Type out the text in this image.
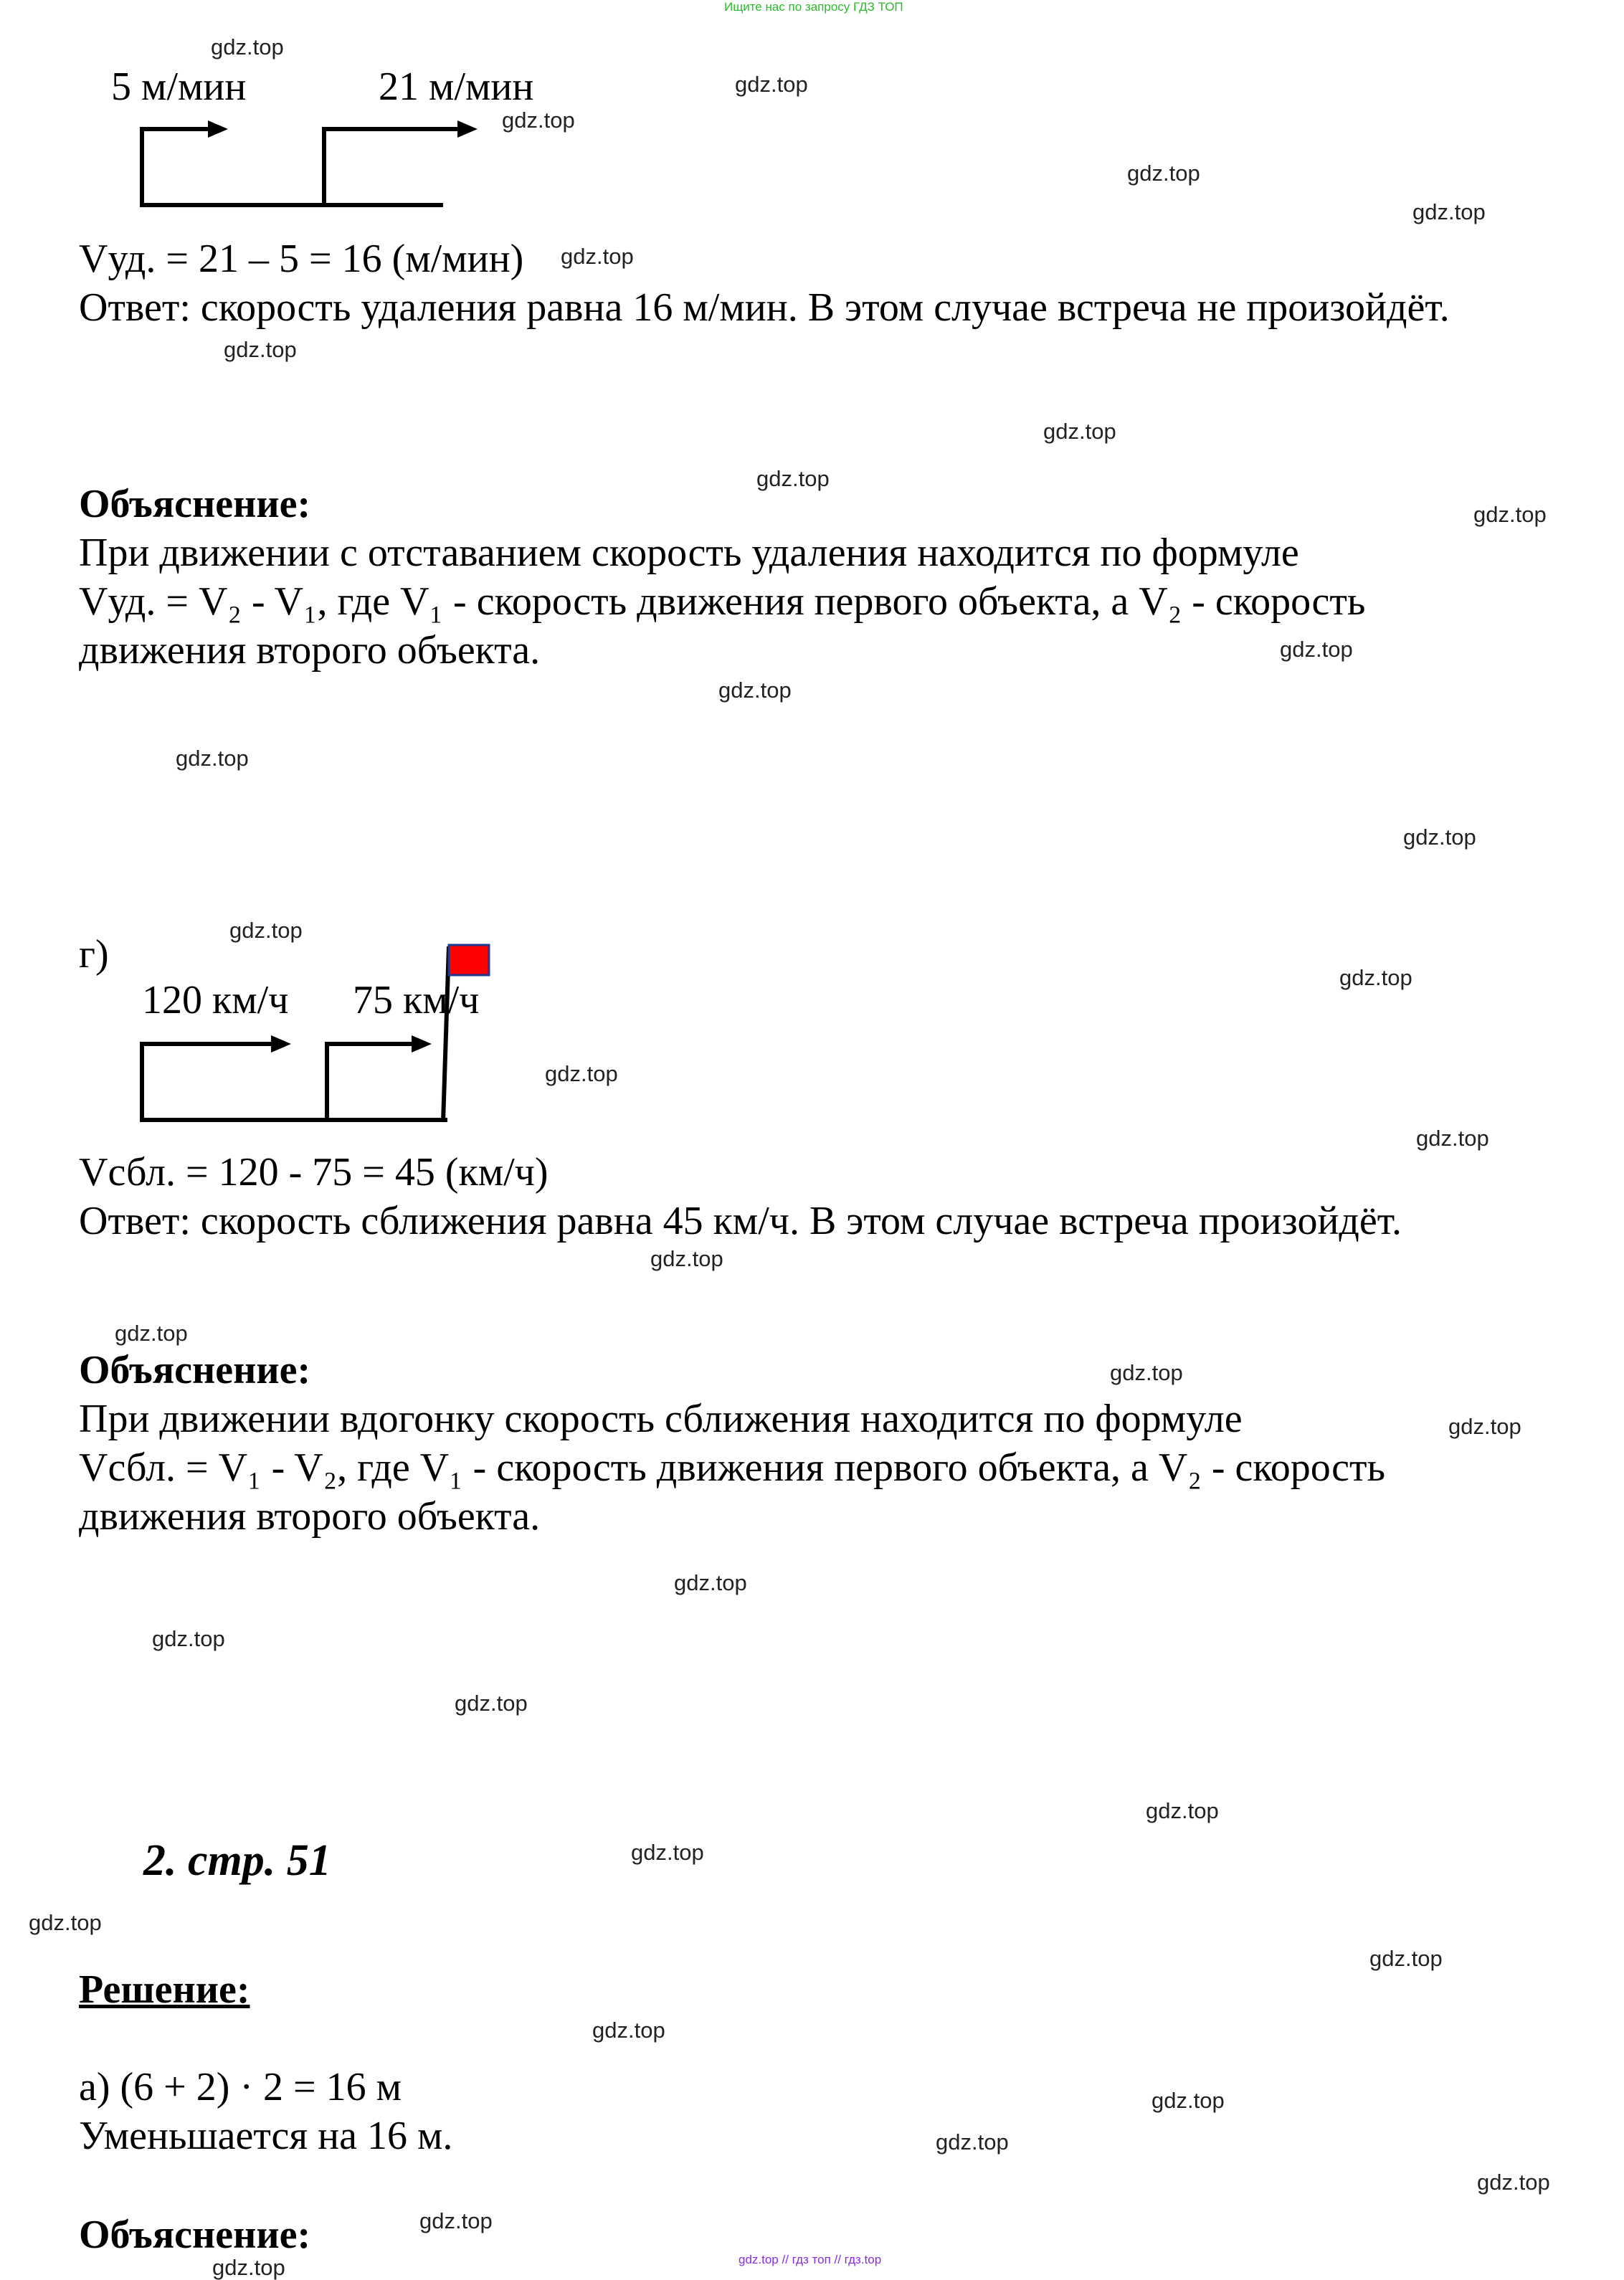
Ищите нас по запросу ГДЗ ТОП
gdz.top // гдз топ // гдз.top
5 м/мин	21 м/мин
Vуд. = 21 – 5 = 16 (м/мин)
Ответ: скорость удаления равна 16 м/мин. В этом случае встреча не произойдёт.
Объяснение:
При движении с отставанием скорость удаления находится по формуле
Vуд. = V₂ - V₁, где V₁ - скорость движения первого объекта, а V₂ - скорость
движения второго объекта.
г)
120 км/ч 75 км/ч
Vсбл. = 120 - 75 = 45 (км/ч)
Ответ: скорость сближения равна 45 км/ч. В этом случае встреча произойдёт.
Объяснение:
При движении вдогонку скорость сближения находится по формуле
Vсбл. = V₁ - V₂, где V₁ - скорость движения первого объекта, а V₂ - скорость
движения второго объекта.
2. стр. 51
Решение:
а) (6 + 2) · 2 = 16 м
Уменьшается на 16 м.
Объяснение:
gdz.top
gdz.top
gdz.top
gdz.top
gdz.top
gdz.top
gdz.top
gdz.top
gdz.top
gdz.top
gdz.top
gdz.top
gdz.top
gdz.top
gdz.top
gdz.top
gdz.top
gdz.top
gdz.top
gdz.top
gdz.top
gdz.top
gdz.top
gdz.top
gdz.top
gdz.top
gdz.top
gdz.top
gdz.top
gdz.top
gdz.top
gdz.top
gdz.top
gdz.top
gdz.top
